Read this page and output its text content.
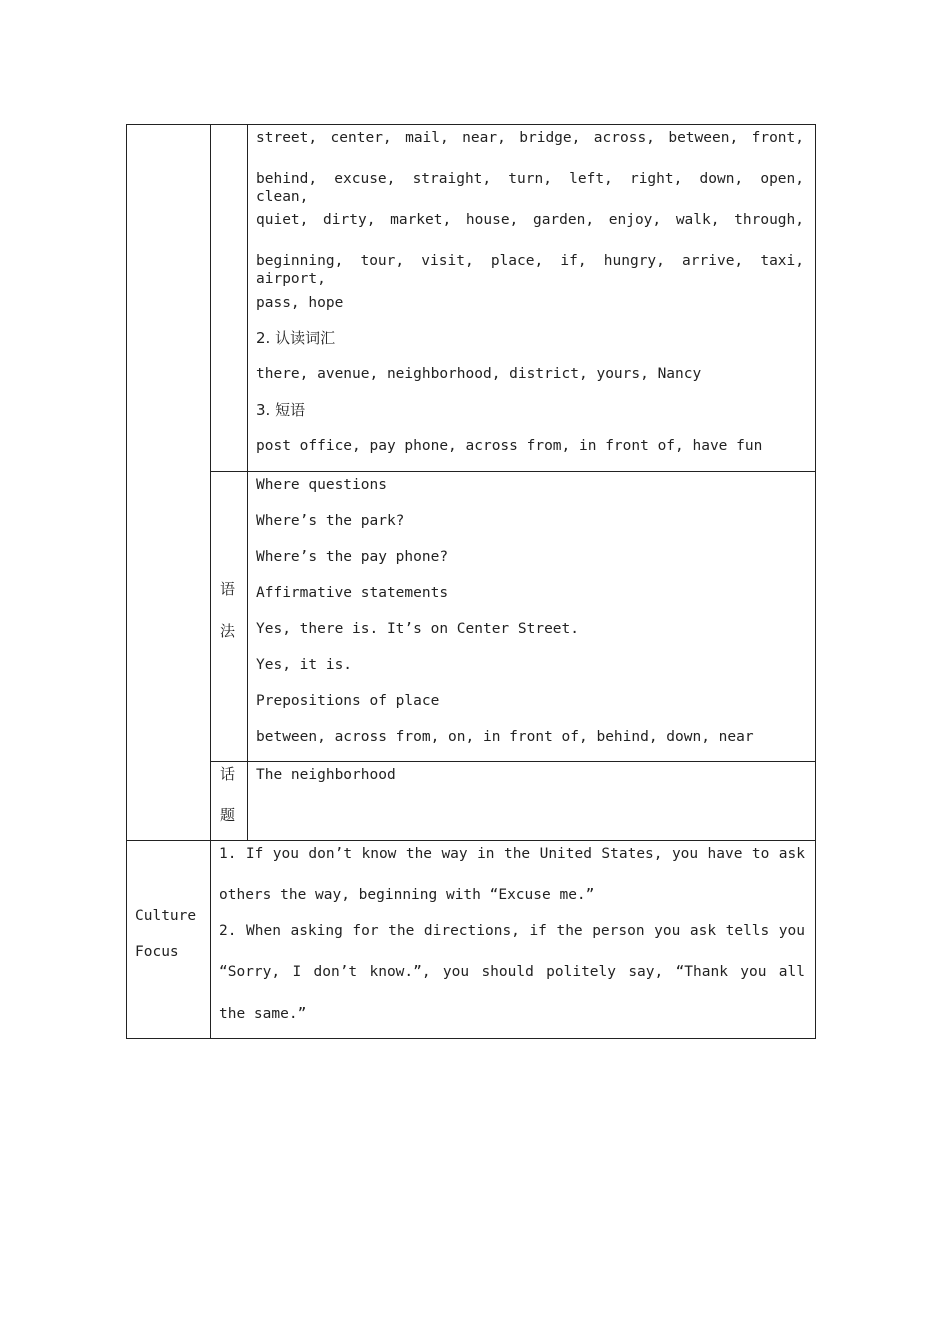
street, center, mail, near, bridge, across, between, front,
behind, excuse, straight, turn, left, right, down, open, clean,
quiet, dirty, market, house, garden, enjoy, walk, through,
beginning, tour, visit, place, if, hungry, arrive, taxi, airport,
pass, hope
2. 认读词汇
there, avenue, neighborhood, district, yours, Nancy
3. 短语
post office, pay phone, across from, in front of, have fun
语
法
Where questions
Where’s the park?
Where’s the pay phone?
Affirmative statements
Yes, there is. It’s on Center Street.
Yes, it is.
Prepositions of place
between, across from, on, in front of, behind, down, near
话
题
The neighborhood
Culture
Focus
1. If you don’t know the way in the United States, you have to ask
others the way, beginning with “Excuse me.”
2. When asking for the directions, if the person you ask tells you
“Sorry, I don’t know.”, you should politely say, “Thank you all
the same.”
